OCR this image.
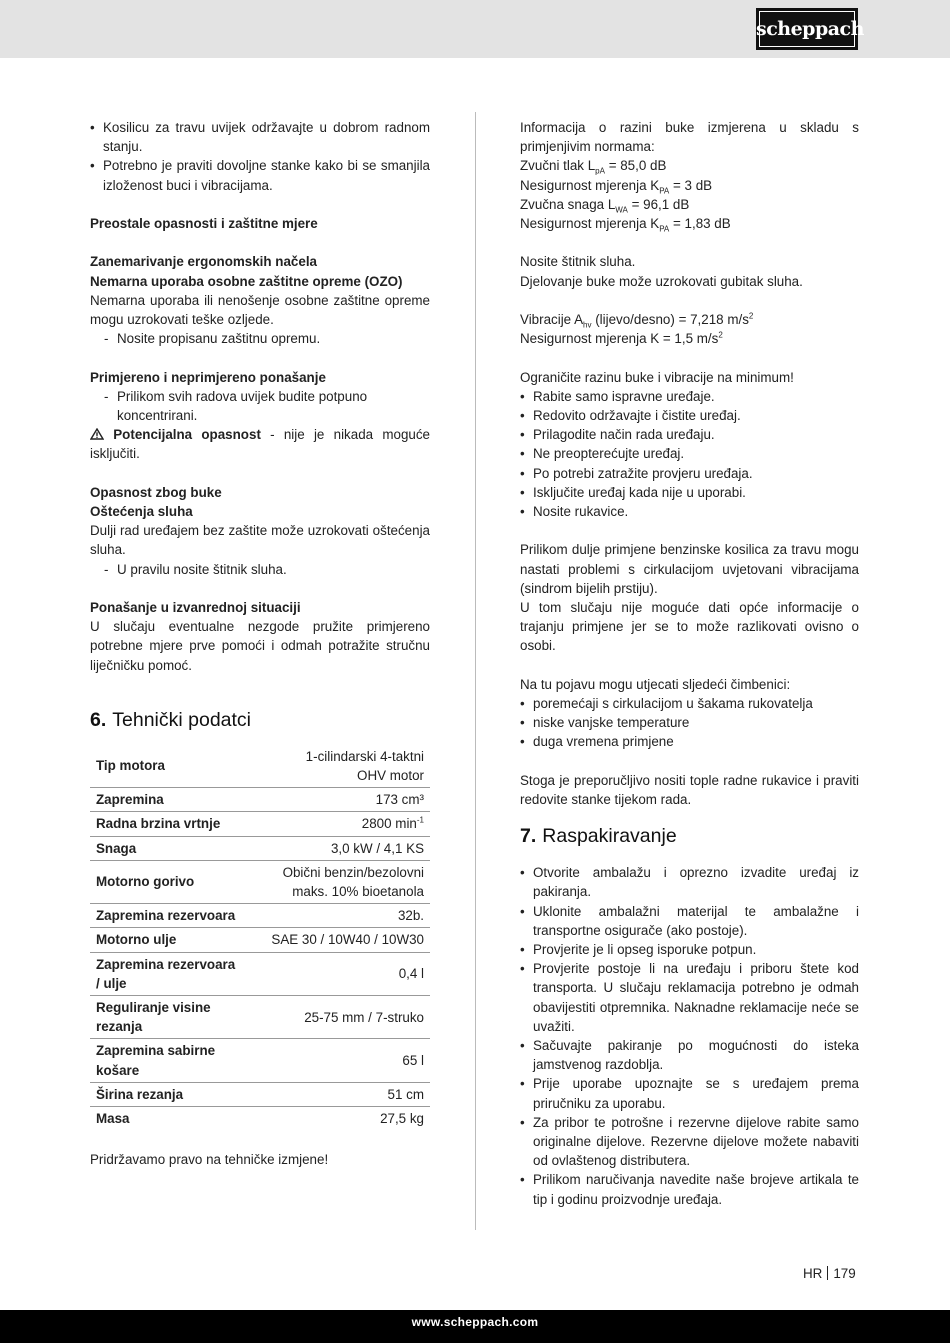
scheppach
• Kosilicu za travu uvijek održavajte u dobrom radnom stanju.
• Potrebno je praviti dovoljne stanke kako bi se smanjila izloženost buci i vibracijama.

Preostale opasnosti i zaštitne mjere

Zanemarivanje ergonomskih načela

Nemarna uporaba osobne zaštitne opreme (OZO)

Nemarna uporaba ili nenošenje osobne zaštitne opreme mogu uzrokovati teške ozljede.

- Nosite propisanu zaštitnu opremu.

Primjereno i neprimjereno ponašanje

- Prilikom svih radova uvijek budite potpuno koncentrirani.

Potencijalna opasnost - nije je nikada moguće isključiti.

Opasnost zbog buke

Oštećenja sluha

Dulji rad uređajem bez zaštite može uzrokovati oštećenja sluha.

- U pravilu nosite štitnik sluha.

Ponašanje u izvanrednoj situaciji

U slučaju eventualne nezgode pružite primjereno potrebne mjere prve pomoći i odmah potražite stručnu liječničku pomoć.

6. Tehnički podatci
Tip motora	1-cilindarski 4-taktni OHV motor
Zapremina	173 cm³
Radna brzina vrtnje	2800 $\min^{-1}$
Snaga	3,0 kW / 4,1 KS
Motorno gorivo	Obični benzin/bezolovni maks. 10% bioetanola
Zapremina rezervoara	32b.
Motorno ulje	SAE 30 / 10W40 / 10W30
Zapremina rezervoara / ulje	0,4 l
Reguliranje visine rezanja	25-75 mm / 7-struko
Zapremina sabirne košare	65 l
Širina rezanja	51 cm
Masa	27,5 kg

Pridržavamo pravo na tehničke izmjene!

Informacija o razini buke izmjerena u skladu s primjenjivim normama:

Zvučni tlak $L_{pA} = 85,0$ dB

Nesigurnost mjerenja $K_{PA} = 3$ dB

Zvučna snaga $L_{WA} = 96,1$ dB

Nesigurnost mjerenja $K_{PA} = 1,83$ dB

Nosite štitnik sluha.

Djelovanje buke može uzrokovati gubitak sluha.

Vibracije $A_{hv}$ (lijevo/desno) = 7,218 $m/s^2$

Nesigurnost mjerenja K = 1,5 $m/s^2$

Ograničite razinu buke i vibracije na minimum!

• Rabite samo ispravne uređaje.
• Redovito održavajte i čistite uređaj.
• Prilagodite način rada uređaju.
• Ne preopterećujte uređaj.
• Po potrebi zatražite provjeru uređaja.
• Isključite uređaj kada nije u uporabi.
• Nosite rukavice.

Prilikom dulje primjene benzinske kosilica za travu mogu nastati problemi s cirkulacijom uvjetovani vibracijama (sindrom bijelih prstiju).

U tom slučaju nije moguće dati opće informacije o trajanju primjene jer se to može razlikovati ovisno o osobi.

Na tu pojavu mogu utjecati sljedeći čimbenici:

• poremećaji s cirkulacijom u šakama rukovatelja
• niske vanjske temperature
• duga vremena primjene

Stoga je preporučljivo nositi tople radne rukavice i praviti redovite stanke tijekom rada.

7. Raspakiravanje
• Otvorite ambalažu i oprezno izvadite uređaj iz pakiranja.
• Uklonite ambalažni materijal te ambalažne i transportne osigurače (ako postoje).
• Provjerite je li opseg isporuke potpun.
• Provjerite postoje li na uređaju i priboru štete kod transporta. U slučaju reklamacija potrebno je odmah obavijestiti otpremnika. Naknadne reklamacije neće se uvažiti.
• Sačuvajte pakiranje po mogućnosti do isteka jamstvenog razdoblja.
• Prije uporabe upoznajte se s uređajem prema priručniku za uporabu.
• Za pribor te potrošne i rezervne dijelove rabite samo originalne dijelove. Rezervne dijelove možete nabaviti od ovlaštenog distributera.
• Prilikom naručivanja navedite naše brojeve artikala te tip i godinu proizvodnje uređaja.
HR 179
www.scheppach.com
